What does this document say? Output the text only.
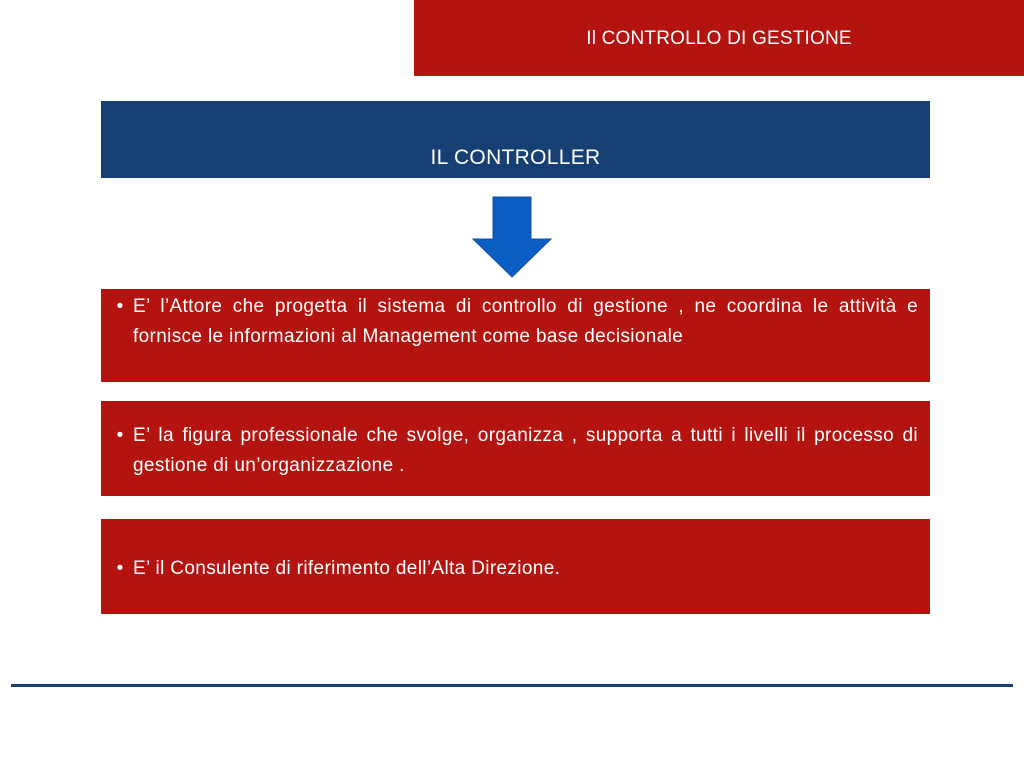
Il CONTROLLO DI GESTIONE
IL CONTROLLER
• E’ l’Attore che progetta il sistema di controllo di gestione , ne coordina le attività e fornisce le informazioni al Management come base decisionale
• E’ la figura professionale che svolge, organizza , supporta a tutti i livelli il processo di gestione di un’organizzazione .
• E’ il Consulente di riferimento dell’Alta Direzione.
